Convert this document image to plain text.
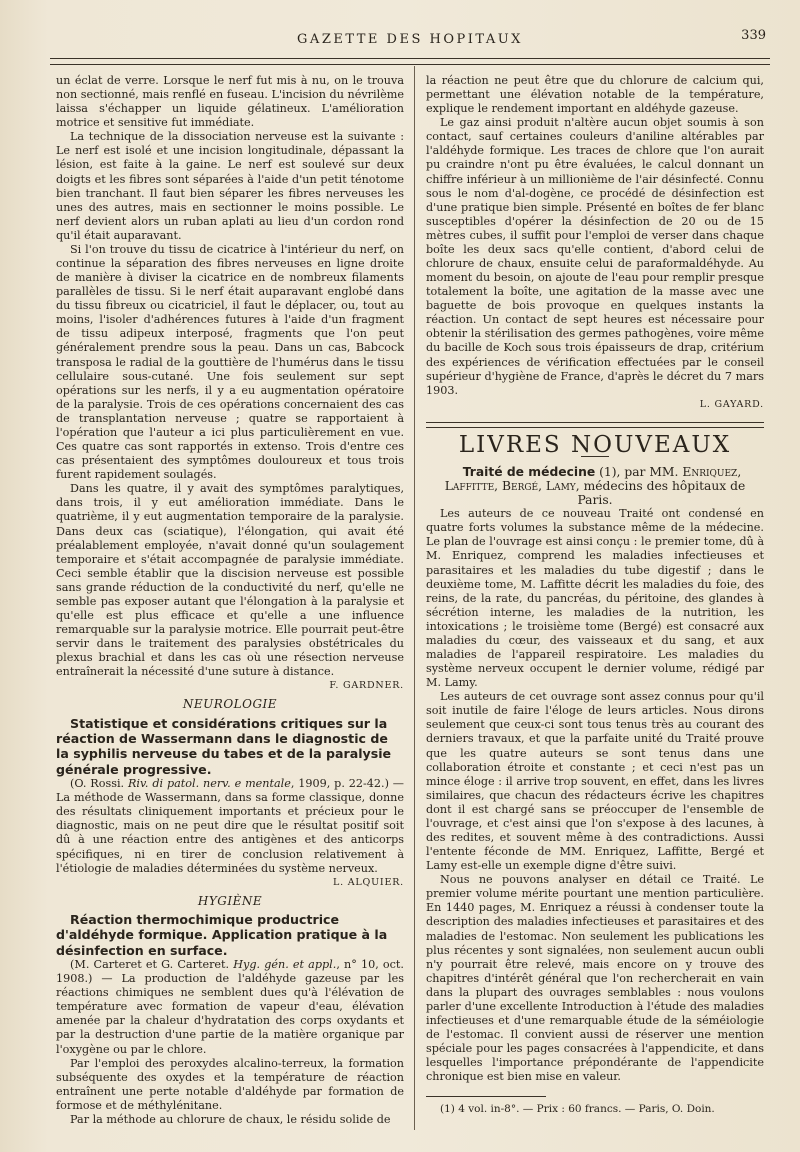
GAZETTE DES HOPITAUX	339

un éclat de verre. Lorsque le nerf fut mis à nu, on le trouva non sectionné, mais renflé en fuseau. L'incision du névrilème laissa s'échapper un liquide gélatineux. L'amélioration motrice et sensitive fut immédiate.

La technique de la dissociation nerveuse est la suivante : Le nerf est isolé et une incision longitudinale, dépassant la lésion, est faite à la gaine. Le nerf est soulevé sur deux doigts et les fibres sont séparées à l'aide d'un petit ténotome bien tranchant. Il faut bien séparer les fibres nerveuses les unes des autres, mais en sectionner le moins possible. Le nerf devient alors un ruban aplati au lieu d'un cordon rond qu'il était auparavant.

Si l'on trouve du tissu de cicatrice à l'intérieur du nerf, on continue la séparation des fibres nerveuses en ligne droite de manière à diviser la cicatrice en de nombreux filaments parallèles de tissu. Si le nerf était auparavant englobé dans du tissu fibreux ou cicatriciel, il faut le déplacer, ou, tout au moins, l'isoler d'adhérences futures à l'aide d'un fragment de tissu adipeux interposé, fragments que l'on peut généralement prendre sous la peau. Dans un cas, Babcock transposa le radial de la gouttière de l'humérus dans le tissu cellulaire sous-cutané. Une fois seulement sur sept opérations sur les nerfs, il y a eu augmentation opératoire de la paralysie. Trois de ces opérations concernaient des cas de transplantation nerveuse ; quatre se rapportaient à l'opération que l'auteur a ici plus particulièrement en vue. Ces quatre cas sont rapportés in extenso. Trois d'entre ces cas présentaient des symptômes douloureux et tous trois furent rapidement soulagés.

Dans les quatre, il y avait des symptômes paralytiques, dans trois, il y eut amélioration immédiate. Dans le quatrième, il y eut augmentation temporaire de la paralysie. Dans deux cas (sciatique), l'élongation, qui avait été préalablement employée, n'avait donné qu'un soulagement temporaire et s'était accompagnée de paralysie immédiate. Ceci semble établir que la discision nerveuse est possible sans grande réduction de la conductivité du nerf, qu'elle ne semble pas exposer autant que l'élongation à la paralysie et qu'elle est plus efficace et qu'elle a une influence remarquable sur la paralysie motrice. Elle pourrait peut-être servir dans le traitement des paralysies obstétricales du plexus brachial et dans les cas où une résection nerveuse entraînerait la nécessité d'une suture à distance.

F. GARDNER.
NEUROLOGIE

Statistique et considérations critiques sur la réaction de Wassermann dans le diagnostic de la syphilis nerveuse du tabes et de la paralysie générale progressive.

(O. Rossi. Riv. di patol. nerv. e mentale, 1909, p. 22-42.) — La méthode de Wassermann, dans sa forme classique, donne des résultats cliniquement importants et précieux pour le diagnostic, mais on ne peut dire que le résultat positif soit dû à une réaction entre des antigènes et des anticorps spécifiques, ni en tirer de conclusion relativement à l'étiologie de maladies déterminées du système nerveux.

L. ALQUIER.
HYGIÈNE

Réaction thermochimique productrice d'aldéhyde formique. Application pratique à la désinfection en surface.

(M. Carteret et G. Carteret. Hyg. gén. et appl., n° 10, oct. 1908.) — La production de l'aldéhyde gazeuse par les réactions chimiques ne semblent dues qu'à l'élévation de température avec formation de vapeur d'eau, élévation amenée par la chaleur d'hydratation des corps oxydants et par la destruction d'une partie de la matière organique par l'oxygène ou par le chlore.

Par l'emploi des peroxydes alcalino-terreux, la formation subséquente des oxydes et la température de réaction entraînent une perte notable d'aldéhyde par formation de formose et de méthylénitane.

Par la méthode au chlorure de chaux, le résidu solide de

la réaction ne peut être que du chlorure de calcium qui, permettant une élévation notable de la température, explique le rendement important en aldéhyde gazeuse.

Le gaz ainsi produit n'altère aucun objet soumis à son contact, sauf certaines couleurs d'aniline altérables par l'aldéhyde formique. Les traces de chlore que l'on aurait pu craindre n'ont pu être évaluées, le calcul donnant un chiffre inférieur à un millionième de l'air désinfecté. Connu sous le nom d'al-dogène, ce procédé de désinfection est d'une pratique bien simple. Présenté en boîtes de fer blanc susceptibles d'opérer la désinfection de 20 ou de 15 mètres cubes, il suffit pour l'emploi de verser dans chaque boîte les deux sacs qu'elle contient, d'abord celui de chlorure de chaux, ensuite celui de paraformaldéhyde. Au moment du besoin, on ajoute de l'eau pour remplir presque totalement la boîte, une agitation de la masse avec une baguette de bois provoque en quelques instants la réaction. Un contact de sept heures est nécessaire pour obtenir la stérilisation des germes pathogènes, voire même du bacille de Koch sous trois épaisseurs de drap, critérium des expériences de vérification effectuées par le conseil supérieur d'hygiène de France, d'après le décret du 7 mars 1903.

L. GAYARD.
LIVRES NOUVEAUX

Traité de médecine (1), par MM. Enriquez, Laffitte, Bergé, Lamy, médecins des hôpitaux de Paris.

Les auteurs de ce nouveau Traité ont condensé en quatre forts volumes la substance même de la médecine. Le plan de l'ouvrage est ainsi conçu : le premier tome, dû à M. Enriquez, comprend les maladies infectieuses et parasitaires et les maladies du tube digestif ; dans le deuxième tome, M. Laffitte décrit les maladies du foie, des reins, de la rate, du pancréas, du péritoine, des glandes à sécrétion interne, les maladies de la nutrition, les intoxications ; le troisième tome (Bergé) est consacré aux maladies du cœur, des vaisseaux et du sang, et aux maladies de l'appareil respiratoire. Les maladies du système nerveux occupent le dernier volume, rédigé par M. Lamy.

Les auteurs de cet ouvrage sont assez connus pour qu'il soit inutile de faire l'éloge de leurs articles. Nous dirons seulement que ceux-ci sont tous tenus très au courant des derniers travaux, et que la parfaite unité du Traité prouve que les quatre auteurs se sont tenus dans une collaboration étroite et constante ; et ceci n'est pas un mince éloge : il arrive trop souvent, en effet, dans les livres similaires, que chacun des rédacteurs écrive les chapitres dont il est chargé sans se préoccuper de l'ensemble de l'ouvrage, et c'est ainsi que l'on s'expose à des lacunes, à des redites, et souvent même à des contradictions. Aussi l'entente féconde de MM. Enriquez, Laffitte, Bergé et Lamy est-elle un exemple digne d'être suivi.

Nous ne pouvons analyser en détail ce Traité. Le premier volume mérite pourtant une mention particulière. En 1440 pages, M. Enriquez a réussi à condenser toute la description des maladies infectieuses et parasitaires et des maladies de l'estomac. Non seulement les publications les plus récentes y sont signalées, non seulement aucun oubli n'y pourrait être relevé, mais encore on y trouve des chapitres d'intérêt général que l'on rechercherait en vain dans la plupart des ouvrages semblables : nous voulons parler d'une excellente Introduction à l'étude des maladies infectieuses et d'une remarquable étude de la séméiologie de l'estomac. Il convient aussi de réserver une mention spéciale pour les pages consacrées à l'appendicite, et dans lesquelles l'importance prépondérante de l'appendicite chronique est bien mise en valeur.

(1) 4 vol. in-8°. — Prix : 60 francs. — Paris, O. Doin.
